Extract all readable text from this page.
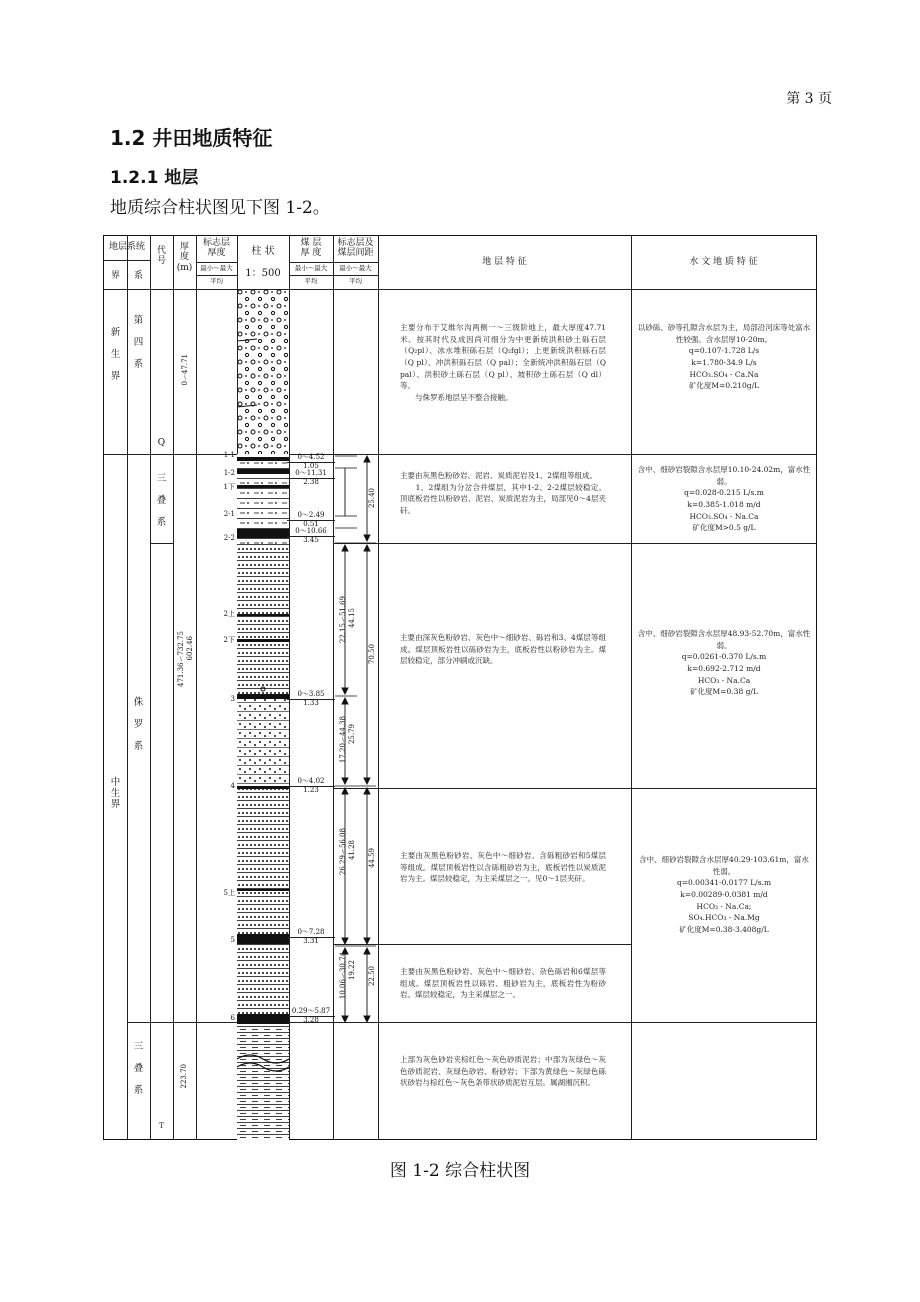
第 3 页
1.2 井田地质特征
1.2.1 地层
地质综合柱状图见下图 1-2。
地层系统
界	系
代
号
厚
度
(m)
标志层
厚度
最小～最大
平均
柱 状
1：500
煤 层
厚 度
最小～最大
平均
标志层及
煤层间距
最小～最大
平均
地 层 特 征	水 文 地 质 特 征
新

生

界
中
生
界
第

四

系
三

叠

系
侏

罗

系
三

叠

系
Q
T
0～47.71
471.36～732.75 602.46
223.70
1-1
1-2
1下
2-1
2-2
2上
2下
3
4
5上
5
6
0～4.52
1.05
0～11.31
2.38
0～2.49
0.51
0～10.66
3.45
0～3.85
1.33
0～4.02
1.23
0～7.28
3.31
0.29～5.87
3.28
25.40
22.15～51.69 44.15
70.50
17.20～44.38 25.79
26.29～56.08 41.28 44.59
10.06～30.74 19.22 22.50
主要分布于艾维尔沟两侧一～三级阶地上，最大厚度47.71米。按其时代及成因尚可细分为中更新统洪积砂土砾石层（Q₂pl）、冰水堆积砾石层（Q₂fgl）；上更新统洪积砾石层（Q pl）、冲洪积砾石层（Q pal）；全新统冲洪积砾石层（Q pal）、洪积砂土砾石层（Q pl）、坡积砂土砾石层（Q dl）等。
　　与侏罗系地层呈不整合接触。
主要由灰黑色粉砂岩、泥岩、炭质泥岩及1、2煤组等组成。
　　1、2煤组为分岔合并煤层，其中1-2、2-2煤层较稳定。顶底板岩性以粉砂岩、泥岩、炭质泥岩为主，局部见0～4层夹矸。
主要由深灰色粉砂岩、灰色中～细砂岩、砾岩和3、4煤层等组成。煤层顶板岩性以砾砂岩为主，底板岩性以粉砂岩为主。煤层较稳定，部分冲刷或沉缺。
主要由灰黑色粉砂岩、灰色中～细砂岩、含砾粗砂岩和5煤层等组成。煤层顶板岩性以含砾粗砂岩为主，底板岩性以炭质泥岩为主。煤层较稳定，为主采煤层之一。见0～1层夹矸。
主要由灰黑色粉砂岩、灰色中～细砂岩、杂色砾岩和6煤层等组成。煤层顶板岩性以砾岩、粗砂岩为主，底板岩性为粉砂岩。煤层较稳定，为主采煤层之一。
上部为灰色砂岩夹棕红色～灰色砂质泥岩；中部为灰绿色～灰色砂质泥岩、灰绿色砂岩、粉砂岩；下部为黄绿色～灰绿色砾状砂岩与棕红色～灰色条带状砂质泥岩互层。属湖湘沉积。
以砂砾、砂等孔隙含水层为主，局部沿河床等处富水性较强。含水层厚10-20m。
q=0.107-1.728 L/s
k=1.780-34.9 L/s
HCO₃.SO₄ - Ca.Na
矿化度M=0.210g/L
含中、细砂岩裂隙含水层厚10.10-24.02m，富水性弱。
q=0.028-0.215 L/s.m
k=0.385-1.018 m/d
HCO₃.SO₄ - Na.Ca
矿化度M>0.5 g/L
含中、细砂岩裂隙含水层厚48.93-52.70m，富水性弱。
q=0.0261-0.370 L/s.m
k=0.692-2.712 m/d
HCO₃ - Na.Ca
矿化度M=0.38 g/L
含中、细砂岩裂隙含水层厚40.29-103.61m，富水性弱。
q=0.00341-0.0177 L/s.m
k=0.00289-0.0381 m/d
HCO₃ - Na.Ca;
SO₄.HCO₃ - Na.Mg
矿化度M=0.38-3.408g/L
图 1-2 综合柱状图
